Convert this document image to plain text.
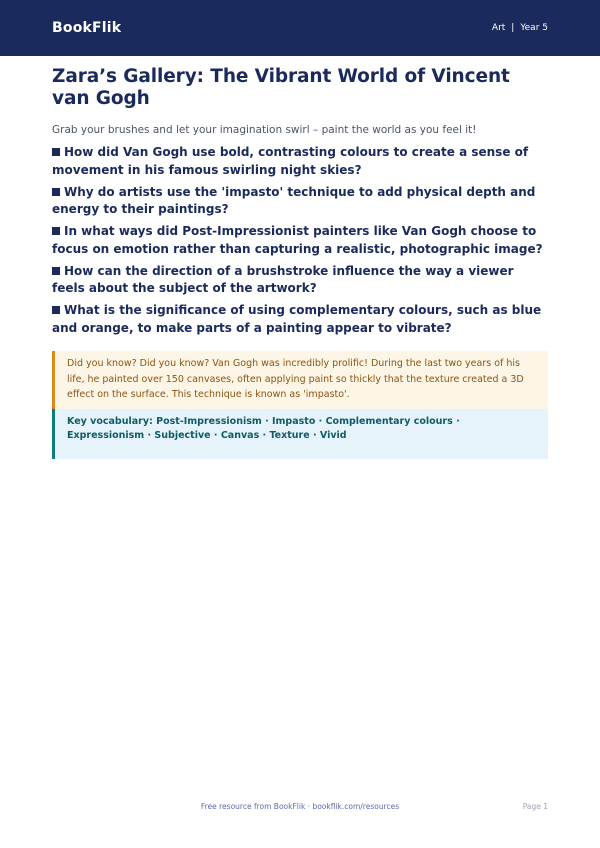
BookFlik	Art | Year 5
Zara’s Gallery: The Vibrant World of Vincent van Gogh

Grab your brushes and let your imagination swirl – paint the world as you feel it!

How did Van Gogh use bold, contrasting colours to create a sense of movement in his famous swirling night skies?
Why do artists use the 'impasto' technique to add physical depth and energy to their paintings?
In what ways did Post-Impressionist painters like Van Gogh choose to focus on emotion rather than capturing a realistic, photographic image?
How can the direction of a brushstroke influence the way a viewer feels about the subject of the artwork?
What is the significance of using complementary colours, such as blue and orange, to make parts of a painting appear to vibrate?
Did you know? Did you know? Van Gogh was incredibly prolific! During the last two years of his life, he painted over 150 canvases, often applying paint so thickly that the texture created a 3D effect on the surface. This technique is known as 'impasto'.
Key vocabulary: Post-Impressionism · Impasto · Complementary colours · Expressionism · Subjective · Canvas · Texture · Vivid
Free resource from BookFlik · bookflik.com/resources	Page 1
